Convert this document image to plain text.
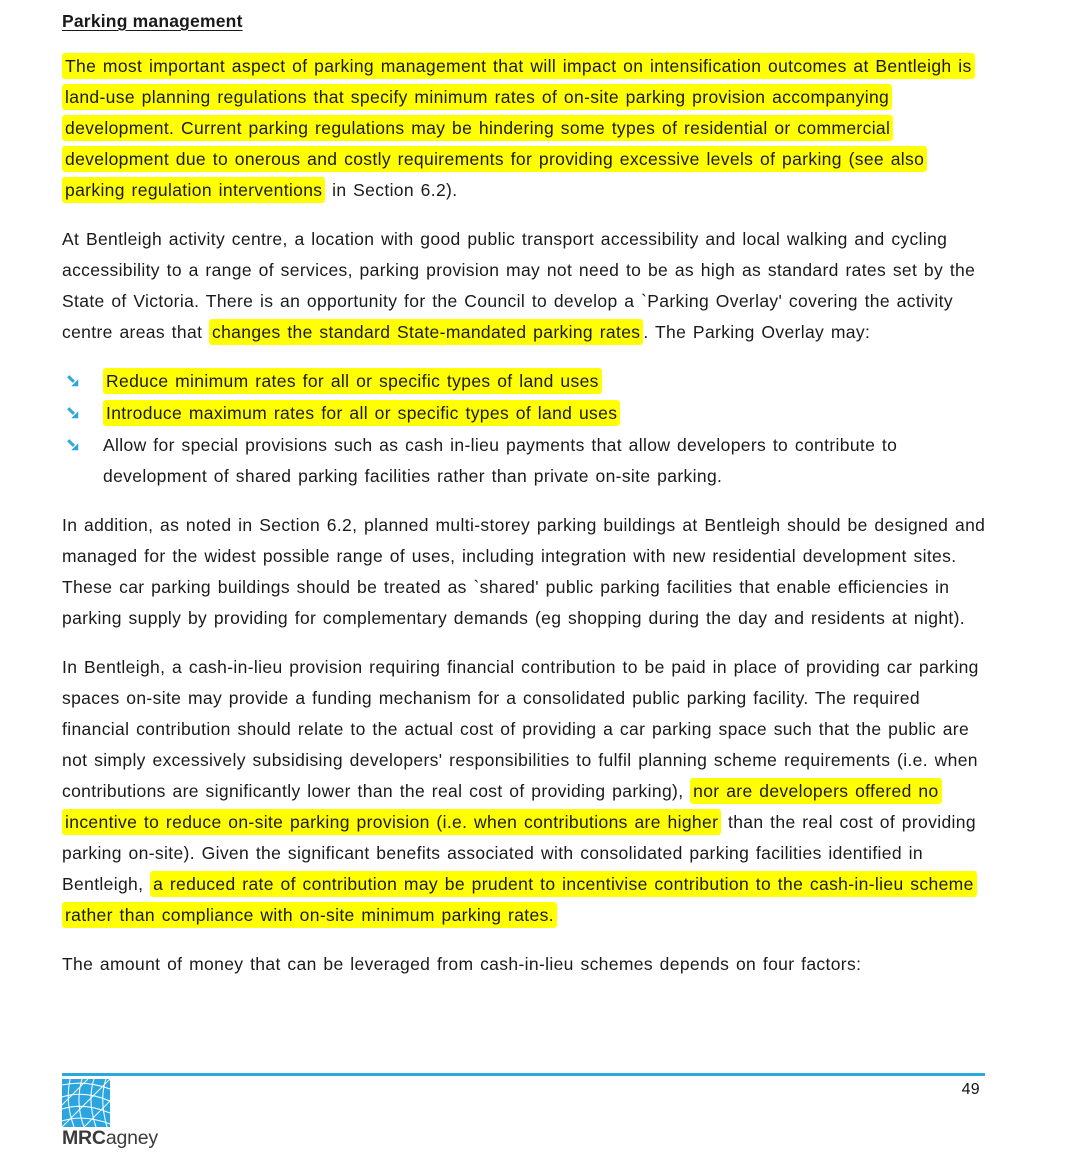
Parking management

The most important aspect of parking management that will impact on intensification outcomes at Bentleigh is land-use planning regulations that specify minimum rates of on-site parking provision accompanying development. Current parking regulations may be hindering some types of residential or commercial development due to onerous and costly requirements for providing excessive levels of parking (see also parking regulation interventions in Section 6.2).

At Bentleigh activity centre, a location with good public transport accessibility and local walking and cycling accessibility to a range of services, parking provision may not need to be as high as standard rates set by the State of Victoria. There is an opportunity for the Council to develop a `Parking Overlay' covering the activity centre areas that changes the standard State-mandated parking rates . The Parking Overlay may:

Reduce minimum rates for all or specific types of land uses
Introduce maximum rates for all or specific types of land uses
Allow for special provisions such as cash in-lieu payments that allow developers to contribute to development of shared parking facilities rather than private on-site parking.

In addition, as noted in Section 6.2, planned multi-storey parking buildings at Bentleigh should be designed and managed for the widest possible range of uses, including integration with new residential development sites. These car parking buildings should be treated as `shared' public parking facilities that enable efficiencies in parking supply by providing for complementary demands (eg shopping during the day and residents at night).

In Bentleigh, a cash-in-lieu provision requiring financial contribution to be paid in place of providing car parking spaces on-site may provide a funding mechanism for a consolidated public parking facility. The required financial contribution should relate to the actual cost of providing a car parking space such that the public are not simply excessively subsidising developers' responsibilities to fulfil planning scheme requirements (i.e. when contributions are significantly lower than the real cost of providing parking), nor are developers offered no incentive to reduce on-site parking provision (i.e. when contributions are higher than the real cost of providing parking on-site). Given the significant benefits associated with consolidated parking facilities identified in Bentleigh, a reduced rate of contribution may be prudent to incentivise contribution to the cash-in-lieu scheme rather than compliance with on-site minimum parking rates.

The amount of money that can be leveraged from cash-in-lieu schemes depends on four factors:

49
MRCagney
